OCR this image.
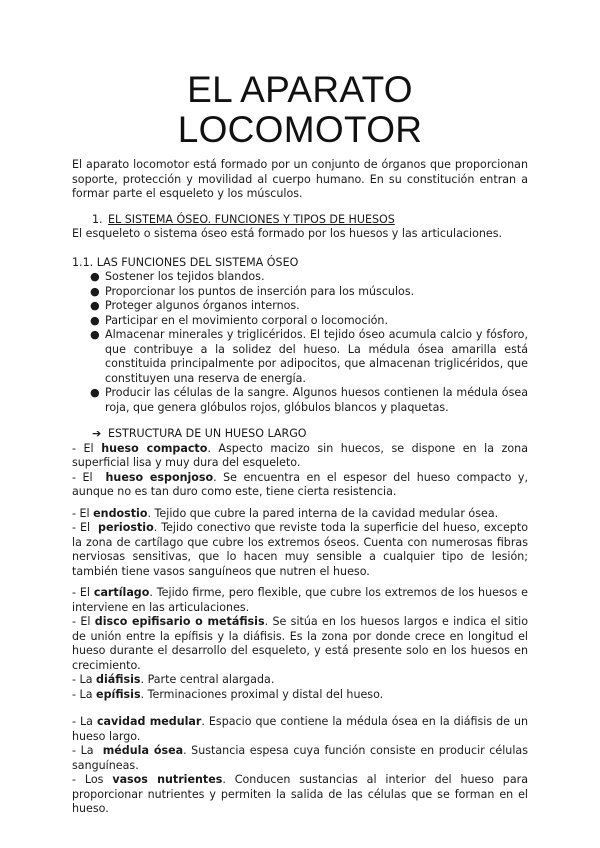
EL APARATO LOCOMOTOR

El aparato locomotor está formado por un conjunto de órganos que proporcionan soporte, protección y movilidad al cuerpo humano. En su constitución entran a formar parte el esqueleto y los músculos.

1. EL SISTEMA ÓSEO. FUNCIONES Y TIPOS DE HUESOS
El esqueleto o sistema óseo está formado por los huesos y las articulaciones.
1.1. LAS FUNCIONES DEL SISTEMA ÓSEO
● Sostener los tejidos blandos.
● Proporcionar los puntos de inserción para los músculos.
● Proteger algunos órganos internos.
● Participar en el movimiento corporal o locomoción.
● Almacenar minerales y triglicéridos. El tejido óseo acumula calcio y fósforo, que contribuye a la solidez del hueso. La médula ósea amarilla está constituida principalmente por adipocitos, que almacenan triglicéridos, que constituyen una reserva de energía.
● Producir las células de la sangre. Algunos huesos contienen la médula ósea roja, que genera glóbulos rojos, glóbulos blancos y plaquetas.
➔ ESTRUCTURA DE UN HUESO LARGO
- El hueso compacto. Aspecto macizo sin huecos, se dispone en la zona superficial lisa y muy dura del esqueleto.
- El  hueso esponjoso. Se encuentra en el espesor del hueso compacto y, aunque no es tan duro como este, tiene cierta resistencia.
- El endostio. Tejido que cubre la pared interna de la cavidad medular ósea.
- El  periostio. Tejido conectivo que reviste toda la superficie del hueso, excepto la zona de cartílago que cubre los extremos óseos. Cuenta con numerosas fibras nerviosas sensitivas, que lo hacen muy sensible a cualquier tipo de lesión; también tiene vasos sanguíneos que nutren el hueso.
- El cartílago. Tejido firme, pero flexible, que cubre los extremos de los huesos e interviene en las articulaciones.
- El disco epifisario o metáfisis. Se sitúa en los huesos largos e indica el sitio de unión entre la epífisis y la diáfisis. Es la zona por donde crece en longitud el hueso durante el desarrollo del esqueleto, y está presente solo en los huesos en crecimiento.
- La diáfisis. Parte central alargada.
- La epífisis. Terminaciones proximal y distal del hueso.
- La cavidad medular. Espacio que contiene la médula ósea en la diáfisis de un hueso largo.
- La  médula ósea. Sustancia espesa cuya función consiste en producir células sanguíneas.
- Los vasos nutrientes. Conducen sustancias al interior del hueso para proporcionar nutrientes y permiten la salida de las células que se forman en el hueso.
